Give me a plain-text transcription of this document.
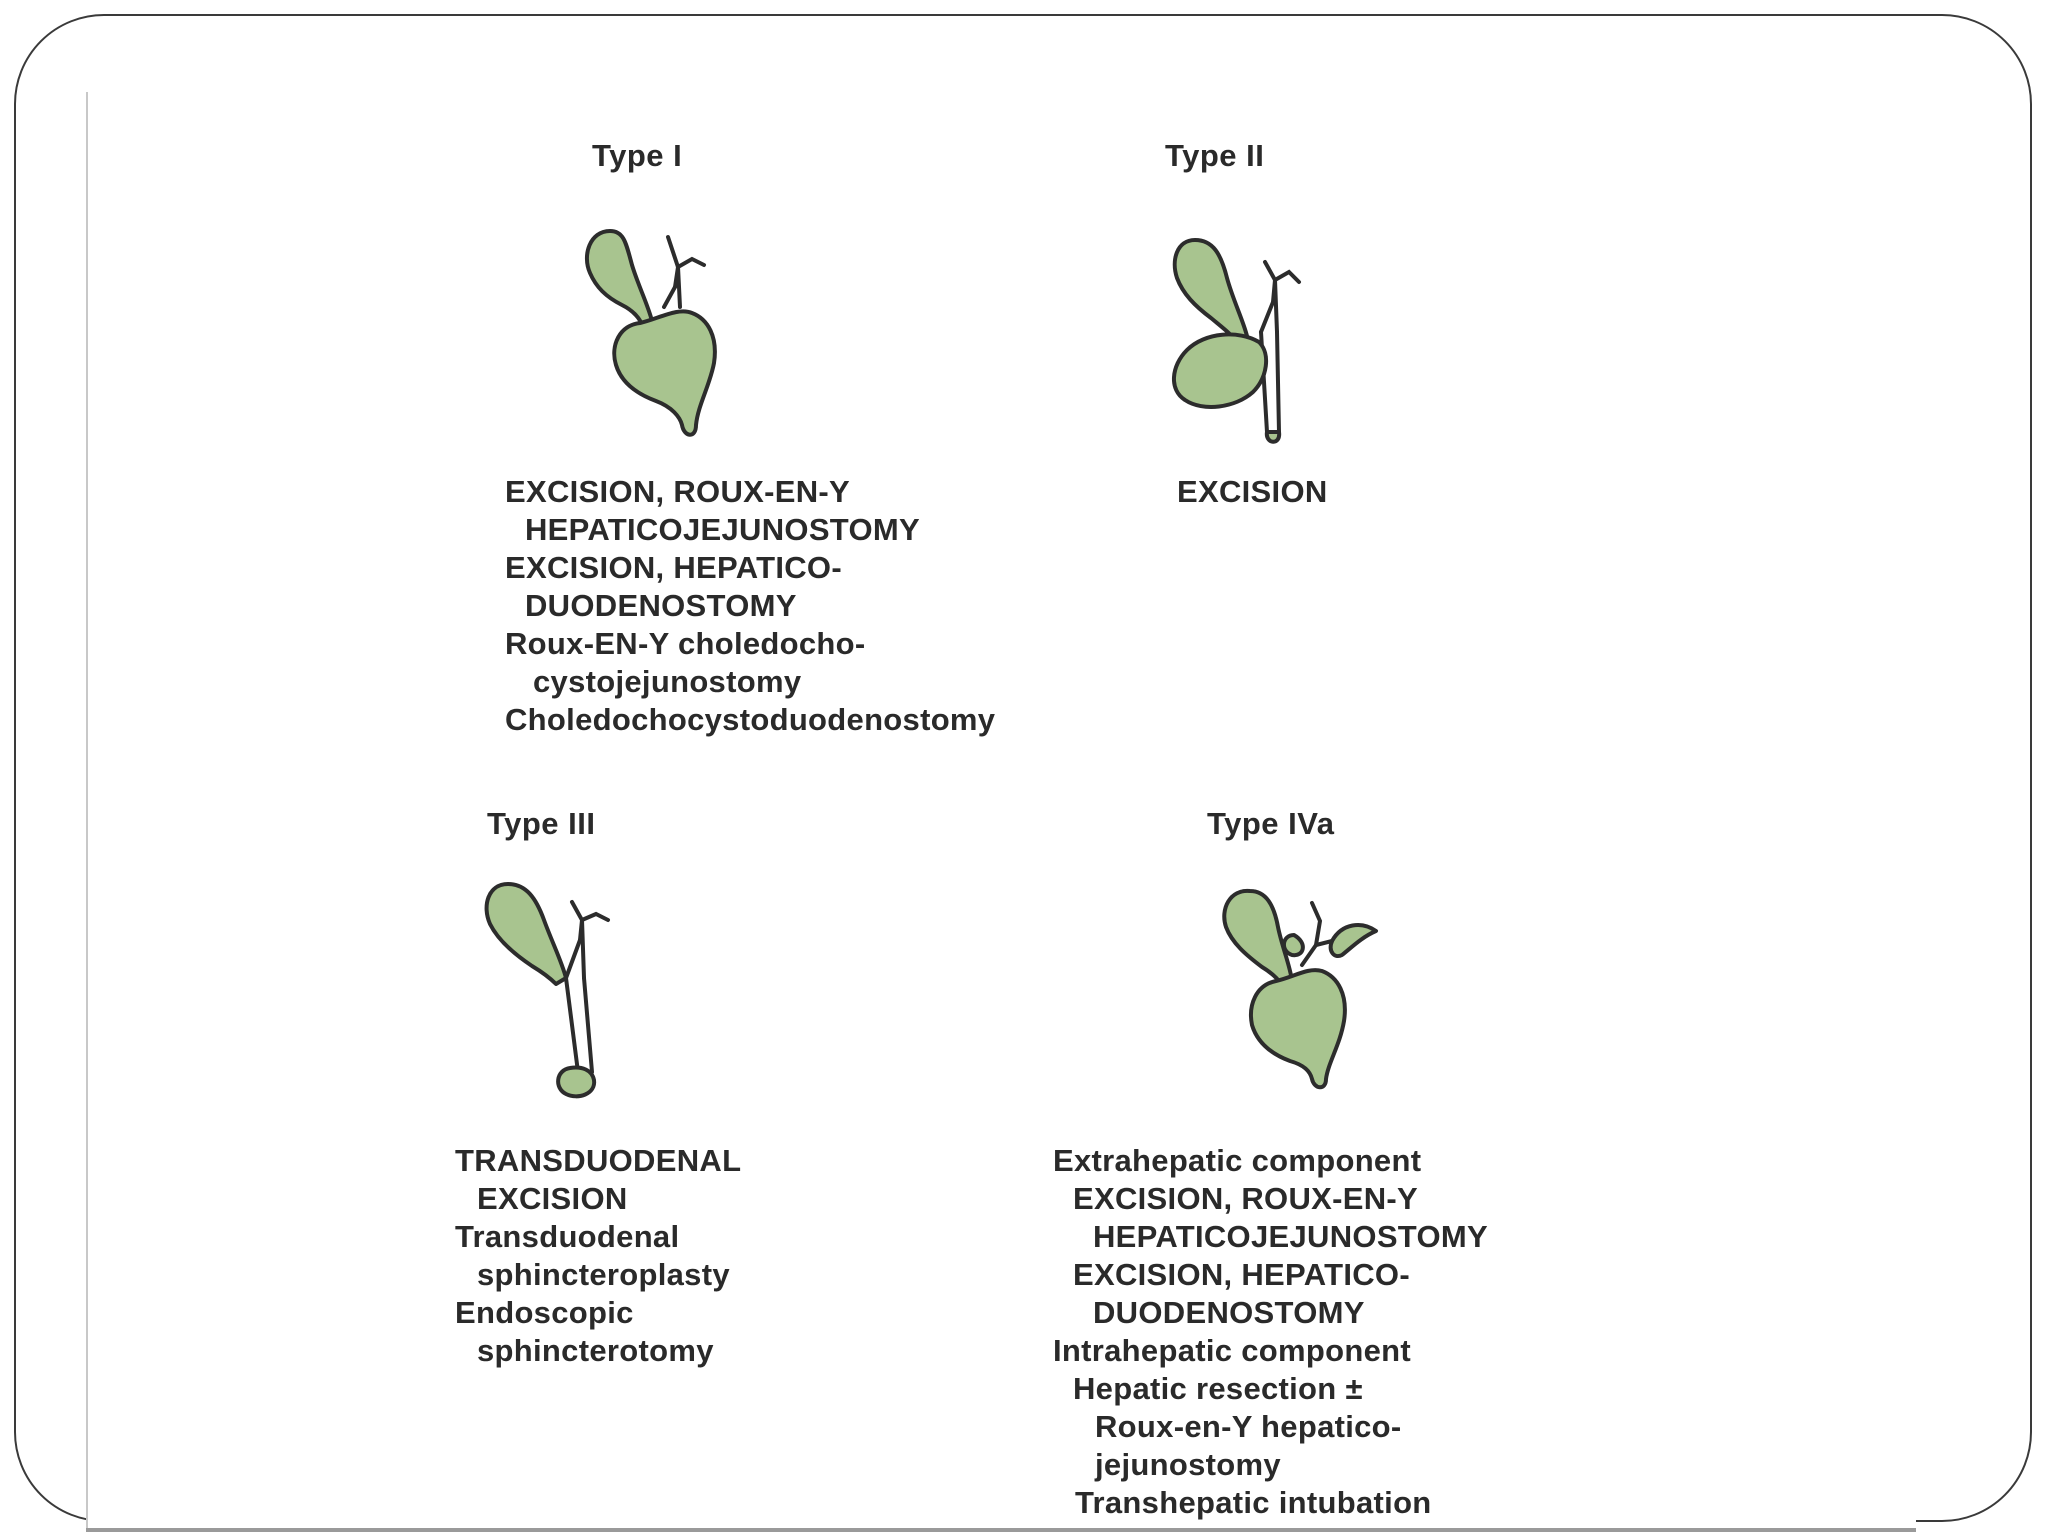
Type I
EXCISION, ROUX-EN-Y
HEPATICOJEJUNOSTOMY
EXCISION, HEPATICO-
DUODENOSTOMY
Roux-EN-Y choledocho-
cystojejunostomy
Choledochocystoduodenostomy
Type II
EXCISION
Type III
TRANSDUODENAL
EXCISION
Transduodenal
sphincteroplasty
Endoscopic
sphincterotomy
Type IVa
Extrahepatic component
EXCISION, ROUX-EN-Y
HEPATICOJEJUNOSTOMY
EXCISION, HEPATICO-
DUODENOSTOMY
Intrahepatic component
Hepatic resection ±
Roux-en-Y hepatico-
jejunostomy
Transhepatic intubation
